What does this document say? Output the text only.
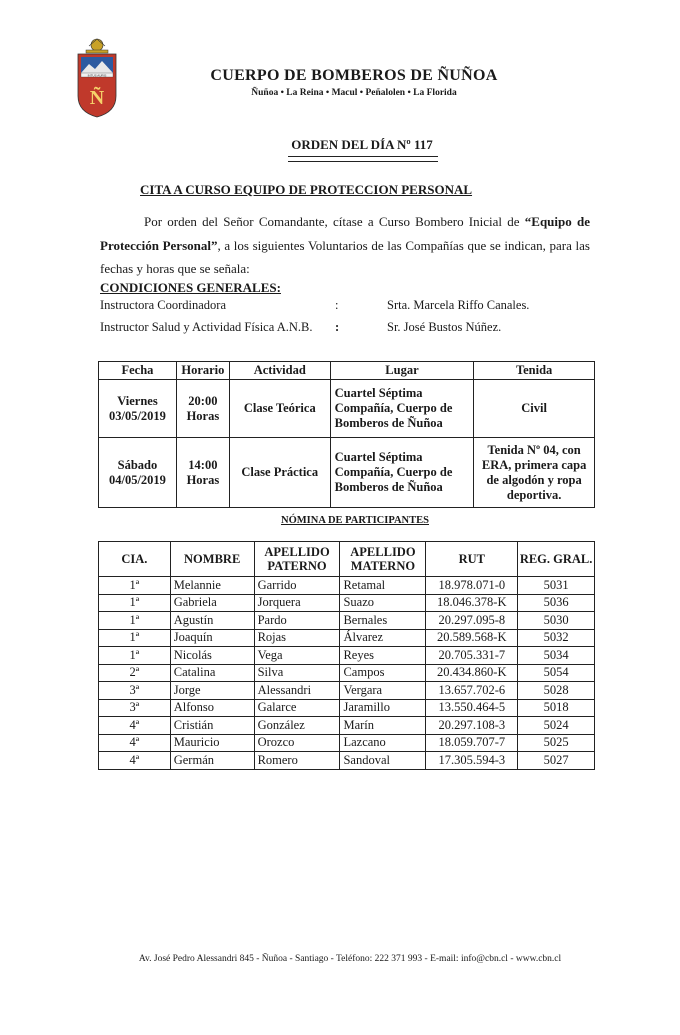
INTUS AURIS
Ñ
CUERPO DE BOMBEROS DE ÑUÑOA
Ñuñoa • La Reina • Macul • Peñalolen • La Florida
ORDEN DEL DÍA Nº 117
CITA A CURSO EQUIPO DE PROTECCION PERSONAL
Por orden del Señor Comandante, cítase a Curso Bombero Inicial de “Equipo de Protección Personal”, a los siguientes Voluntarios de las Compañías que se indican, para las fechas y horas que se señala:
CONDICIONES GENERALES:
Instructora Coordinadora	:	Srta. Marcela Riffo Canales.
Instructor Salud y Actividad Física A.N.B. :	Sr. José Bustos Núñez.
Fecha	Horario	Actividad	Lugar	Tenida
Viernes 03/05/2019	20:00 Horas	Clase Teórica	Cuartel Séptima Compañía, Cuerpo de Bomberos de Ñuñoa	Civil
Sábado 04/05/2019	14:00 Horas	Clase Práctica	Cuartel Séptima Compañía, Cuerpo de Bomberos de Ñuñoa	Tenida Nº 04, con ERA, primera capa de algodón y ropa deportiva.
NÓMINA DE PARTICIPANTES
CIA.	NOMBRE	APELLIDO PATERNO	APELLIDO MATERNO	RUT	REG. GRAL.
1ª	Melannie	Garrido	Retamal	18.978.071-0	5031
1ª	Gabriela	Jorquera	Suazo	18.046.378-K	5036
1ª	Agustín	Pardo	Bernales	20.297.095-8	5030
1ª	Joaquín	Rojas	Álvarez	20.589.568-K	5032
1ª	Nicolás	Vega	Reyes	20.705.331-7	5034
2ª	Catalina	Silva	Campos	20.434.860-K	5054
3ª	Jorge	Alessandri	Vergara	13.657.702-6	5028
3ª	Alfonso	Galarce	Jaramillo	13.550.464-5	5018
4ª	Cristián	González	Marín	20.297.108-3	5024
4ª	Mauricio	Orozco	Lazcano	18.059.707-7	5025
4ª	Germán	Romero	Sandoval	17.305.594-3	5027
Av. José Pedro Alessandri 845 - Ñuñoa - Santiago - Teléfono: 222 371 993 - E-mail: info@cbn.cl - www.cbn.cl
